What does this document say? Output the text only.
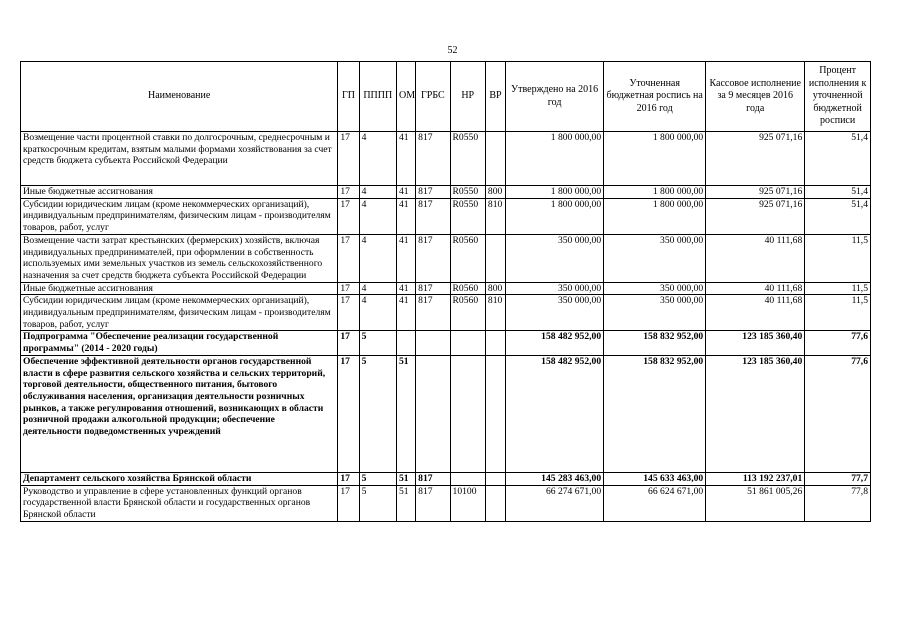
52
Наименование	ГП	ПППП	ОМ	ГРБС	НР	ВР	Утверждено на 2016 год	Уточненная бюджетная роспись на 2016 год	Кассовое исполнение за 9 месяцев 2016 года	Процент исполнения к уточненной бюджетной росписи
Возмещение части процентной ставки по долгосрочным, среднесрочным и краткосрочным кредитам, взятым малыми формами хозяйствования за счет средств бюджета субъекта Российской Федерации	17	4	41	817	R0550		1 800 000,00	1 800 000,00	925 071,16	51,4
Иные бюджетные ассигнования	17	4	41	817	R0550	800	1 800 000,00	1 800 000,00	925 071,16	51,4
Субсидии юридическим лицам (кроме некоммерческих организаций), индивидуальным предпринимателям, физическим лицам - производителям товаров, работ, услуг	17	4	41	817	R0550	810	1 800 000,00	1 800 000,00	925 071,16	51,4
Возмещение части затрат крестьянских (фермерских) хозяйств, включая индивидуальных предпринимателей, при оформлении в собственность используемых ими земельных участков из земель сельскохозяйственного назначения за счет средств бюджета субъекта Российской Федерации	17	4	41	817	R0560		350 000,00	350 000,00	40 111,68	11,5
Иные бюджетные ассигнования	17	4	41	817	R0560	800	350 000,00	350 000,00	40 111,68	11,5
Субсидии юридическим лицам (кроме некоммерческих организаций), индивидуальным предпринимателям, физическим лицам - производителям товаров, работ, услуг	17	4	41	817	R0560	810	350 000,00	350 000,00	40 111,68	11,5
Подпрограмма "Обеспечение реализации государственной программы" (2014 - 2020 годы)	17	5					158 482 952,00	158 832 952,00	123 185 360,40	77,6
Обеспечение эффективной деятельности органов государственной власти в сфере развития сельского хозяйства и сельских территорий, торговой деятельности, общественного питания, бытового обслуживания населения, организация деятельности розничных рынков, а также регулирования отношений, возникающих в области розничной продажи алкогольной продукции; обеспечение деятельности подведомственных учреждений	17	5	51				158 482 952,00	158 832 952,00	123 185 360,40	77,6
Департамент сельского хозяйства Брянской области	17	5	51	817			145 283 463,00	145 633 463,00	113 192 237,01	77,7
Руководство и управление в сфере установленных функций органов государственной власти Брянской области и государственных органов Брянской области	17	5	51	817	10100		66 274 671,00	66 624 671,00	51 861 005,26	77,8
